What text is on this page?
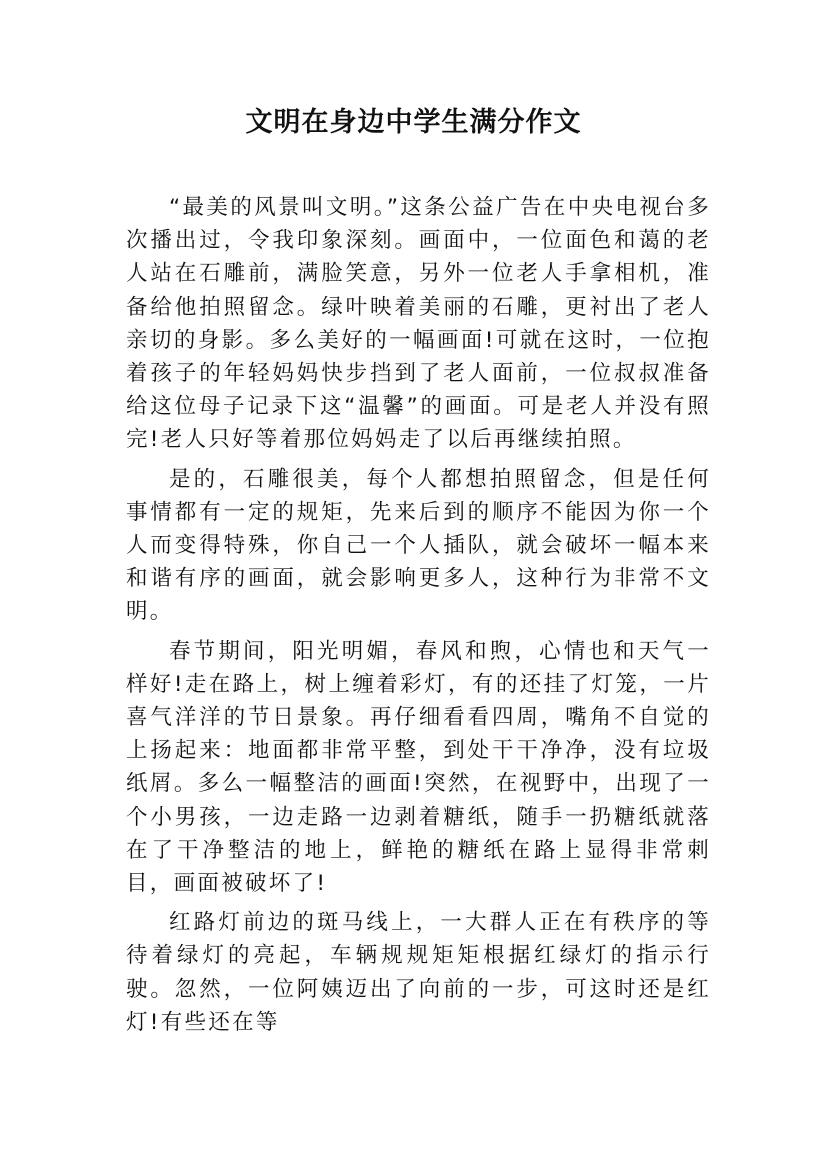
文明在身边中学生满分作文

“最美的风景叫文明。”这条公益广告在中央电视台多次播出过，令我印象深刻。画面中，一位面色和蔼的老人站在石雕前，满脸笑意，另外一位老人手拿相机，准备给他拍照留念。绿叶映着美丽的石雕，更衬出了老人亲切的身影。多么美好的一幅画面!可就在这时，一位抱着孩子的年轻妈妈快步挡到了老人面前，一位叔叔准备给这位母子记录下这“温馨”的画面。可是老人并没有照完!老人只好等着那位妈妈走了以后再继续拍照。

是的，石雕很美，每个人都想拍照留念，但是任何事情都有一定的规矩，先来后到的顺序不能因为你一个人而变得特殊，你自己一个人插队，就会破坏一幅本来和谐有序的画面，就会影响更多人，这种行为非常不文明。

春节期间，阳光明媚，春风和煦，心情也和天气一样好!走在路上，树上缠着彩灯，有的还挂了灯笼，一片喜气洋洋的节日景象。再仔细看看四周，嘴角不自觉的上扬起来：地面都非常平整，到处干干净净，没有垃圾纸屑。多么一幅整洁的画面!突然，在视野中，出现了一个小男孩，一边走路一边剥着糖纸，随手一扔糖纸就落在了干净整洁的地上，鲜艳的糖纸在路上显得非常刺目，画面被破坏了!

红路灯前边的斑马线上，一大群人正在有秩序的等待着绿灯的亮起，车辆规规矩矩根据红绿灯的指示行驶。忽然，一位阿姨迈出了向前的一步，可这时还是红灯!有些还在等
